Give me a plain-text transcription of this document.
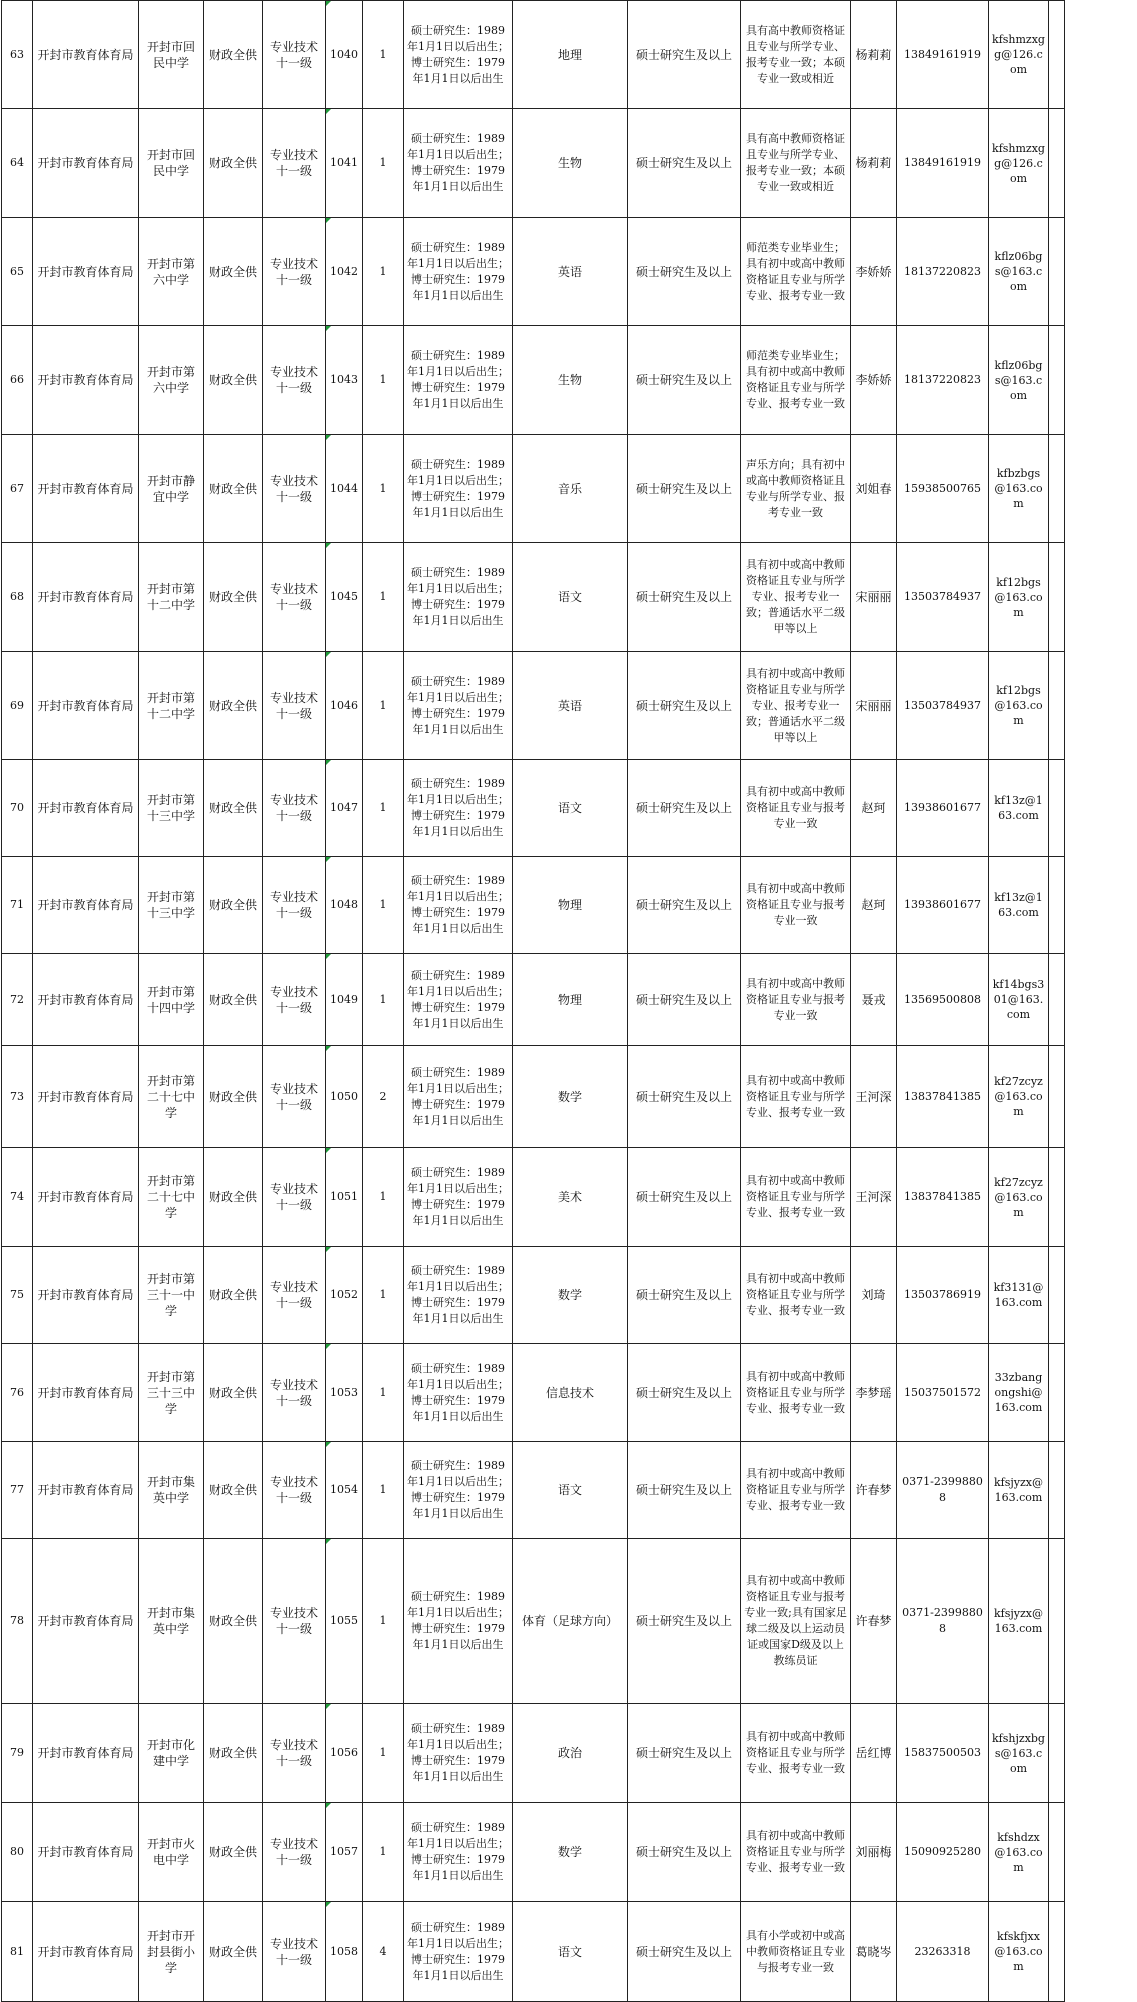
63	开封市教育体育局	开封市回民中学	财政全供	专业技术十一级	1040	1	硕士研究生：1989年1月1日以后出生；博士研究生：1979年1月1日以后出生	地理	硕士研究生及以上	具有高中教师资格证且专业与所学专业、报考专业一致；本硕专业一致或相近	杨莉莉	13849161919	kfshmzxgg@126.com	
64	开封市教育体育局	开封市回民中学	财政全供	专业技术十一级	1041	1	硕士研究生：1989年1月1日以后出生；博士研究生：1979年1月1日以后出生	生物	硕士研究生及以上	具有高中教师资格证且专业与所学专业、报考专业一致；本硕专业一致或相近	杨莉莉	13849161919	kfshmzxgg@126.com	
65	开封市教育体育局	开封市第六中学	财政全供	专业技术十一级	1042	1	硕士研究生：1989年1月1日以后出生；博士研究生：1979年1月1日以后出生	英语	硕士研究生及以上	师范类专业毕业生；具有初中或高中教师资格证且专业与所学专业、报考专业一致	李娇娇	18137220823	kflz06bgs@163.com	
66	开封市教育体育局	开封市第六中学	财政全供	专业技术十一级	1043	1	硕士研究生：1989年1月1日以后出生；博士研究生：1979年1月1日以后出生	生物	硕士研究生及以上	师范类专业毕业生；具有初中或高中教师资格证且专业与所学专业、报考专业一致	李娇娇	18137220823	kflz06bgs@163.com	
67	开封市教育体育局	开封市静宜中学	财政全供	专业技术十一级	1044	1	硕士研究生：1989年1月1日以后出生；博士研究生：1979年1月1日以后出生	音乐	硕士研究生及以上	声乐方向；具有初中或高中教师资格证且专业与所学专业、报考专业一致	刘姐春	15938500765	kfbzbgs@163.com	
68	开封市教育体育局	开封市第十二中学	财政全供	专业技术十一级	1045	1	硕士研究生：1989年1月1日以后出生；博士研究生：1979年1月1日以后出生	语文	硕士研究生及以上	具有初中或高中教师资格证且专业与所学专业、报考专业一致；普通话水平二级甲等以上	宋丽丽	13503784937	kf12bgs@163.com	
69	开封市教育体育局	开封市第十二中学	财政全供	专业技术十一级	1046	1	硕士研究生：1989年1月1日以后出生；博士研究生：1979年1月1日以后出生	英语	硕士研究生及以上	具有初中或高中教师资格证且专业与所学专业、报考专业一致；普通话水平二级甲等以上	宋丽丽	13503784937	kf12bgs@163.com	
70	开封市教育体育局	开封市第十三中学	财政全供	专业技术十一级	1047	1	硕士研究生：1989年1月1日以后出生；博士研究生：1979年1月1日以后出生	语文	硕士研究生及以上	具有初中或高中教师资格证且专业与报考专业一致	赵珂	13938601677	kf13z@163.com	
71	开封市教育体育局	开封市第十三中学	财政全供	专业技术十一级	1048	1	硕士研究生：1989年1月1日以后出生；博士研究生：1979年1月1日以后出生	物理	硕士研究生及以上	具有初中或高中教师资格证且专业与报考专业一致	赵珂	13938601677	kf13z@163.com	
72	开封市教育体育局	开封市第十四中学	财政全供	专业技术十一级	1049	1	硕士研究生：1989年1月1日以后出生；博士研究生：1979年1月1日以后出生	物理	硕士研究生及以上	具有初中或高中教师资格证且专业与报考专业一致	聂戎	13569500808	kf14bgs301@163.com	
73	开封市教育体育局	开封市第二十七中学	财政全供	专业技术十一级	1050	2	硕士研究生：1989年1月1日以后出生；博士研究生：1979年1月1日以后出生	数学	硕士研究生及以上	具有初中或高中教师资格证且专业与所学专业、报考专业一致	王河深	13837841385	kf27zcyz@163.com	
74	开封市教育体育局	开封市第二十七中学	财政全供	专业技术十一级	1051	1	硕士研究生：1989年1月1日以后出生；博士研究生：1979年1月1日以后出生	美术	硕士研究生及以上	具有初中或高中教师资格证且专业与所学专业、报考专业一致	王河深	13837841385	kf27zcyz@163.com	
75	开封市教育体育局	开封市第三十一中学	财政全供	专业技术十一级	1052	1	硕士研究生：1989年1月1日以后出生；博士研究生：1979年1月1日以后出生	数学	硕士研究生及以上	具有初中或高中教师资格证且专业与所学专业、报考专业一致	刘琦	13503786919	kf3131@163.com	
76	开封市教育体育局	开封市第三十三中学	财政全供	专业技术十一级	1053	1	硕士研究生：1989年1月1日以后出生；博士研究生：1979年1月1日以后出生	信息技术	硕士研究生及以上	具有初中或高中教师资格证且专业与所学专业、报考专业一致	李梦瑶	15037501572	33zbangongshi@163.com	
77	开封市教育体育局	开封市集英中学	财政全供	专业技术十一级	1054	1	硕士研究生：1989年1月1日以后出生；博士研究生：1979年1月1日以后出生	语文	硕士研究生及以上	具有初中或高中教师资格证且专业与所学专业、报考专业一致	许春梦	0371-23998808	kfsjyzx@163.com	
78	开封市教育体育局	开封市集英中学	财政全供	专业技术十一级	1055	1	硕士研究生：1989年1月1日以后出生；博士研究生：1979年1月1日以后出生	体育（足球方向）	硕士研究生及以上	具有初中或高中教师资格证且专业与报考专业一致;具有国家足球二级及以上运动员证或国家D级及以上教练员证	许春梦	0371-23998808	kfsjyzx@163.com	
79	开封市教育体育局	开封市化建中学	财政全供	专业技术十一级	1056	1	硕士研究生：1989年1月1日以后出生；博士研究生：1979年1月1日以后出生	政治	硕士研究生及以上	具有初中或高中教师资格证且专业与所学专业、报考专业一致	岳红博	15837500503	kfshjzxbgs@163.com	
80	开封市教育体育局	开封市火电中学	财政全供	专业技术十一级	1057	1	硕士研究生：1989年1月1日以后出生；博士研究生：1979年1月1日以后出生	数学	硕士研究生及以上	具有初中或高中教师资格证且专业与所学专业、报考专业一致	刘丽梅	15090925280	kfshdzx@163.com	
81	开封市教育体育局	开封市开封县街小学	财政全供	专业技术十一级	1058	4	硕士研究生：1989年1月1日以后出生；博士研究生：1979年1月1日以后出生	语文	硕士研究生及以上	具有小学或初中或高中教师资格证且专业与报考专业一致	葛晓岑	23263318	kfskfjxx@163.com	
